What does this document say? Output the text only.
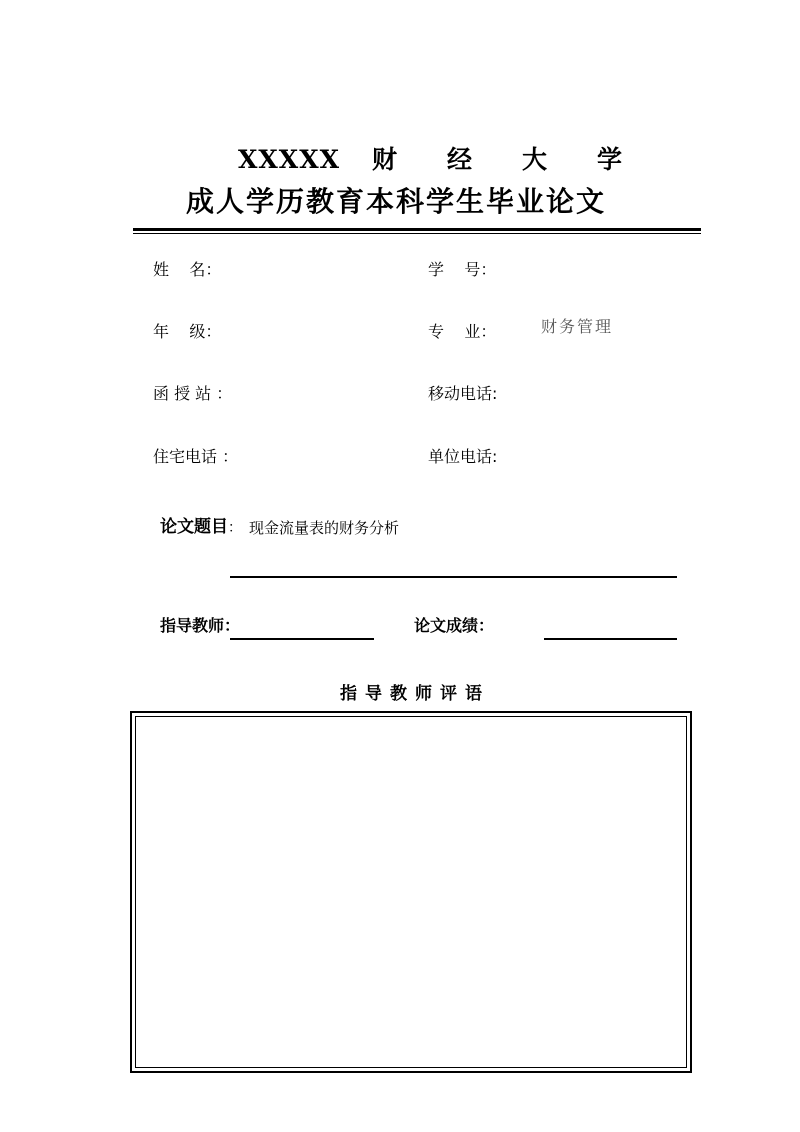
XXXXX 财经大学
成人学历教育本科学生毕业论文
姓    名：	学    号：
年    级：	专    业：	财务管理
函 授 站 ：	移动电话:
住宅电话 ：	单位电话:
论文题目： 现金流量表的财务分析
指导教师：	论文成绩：
指导教师评语
